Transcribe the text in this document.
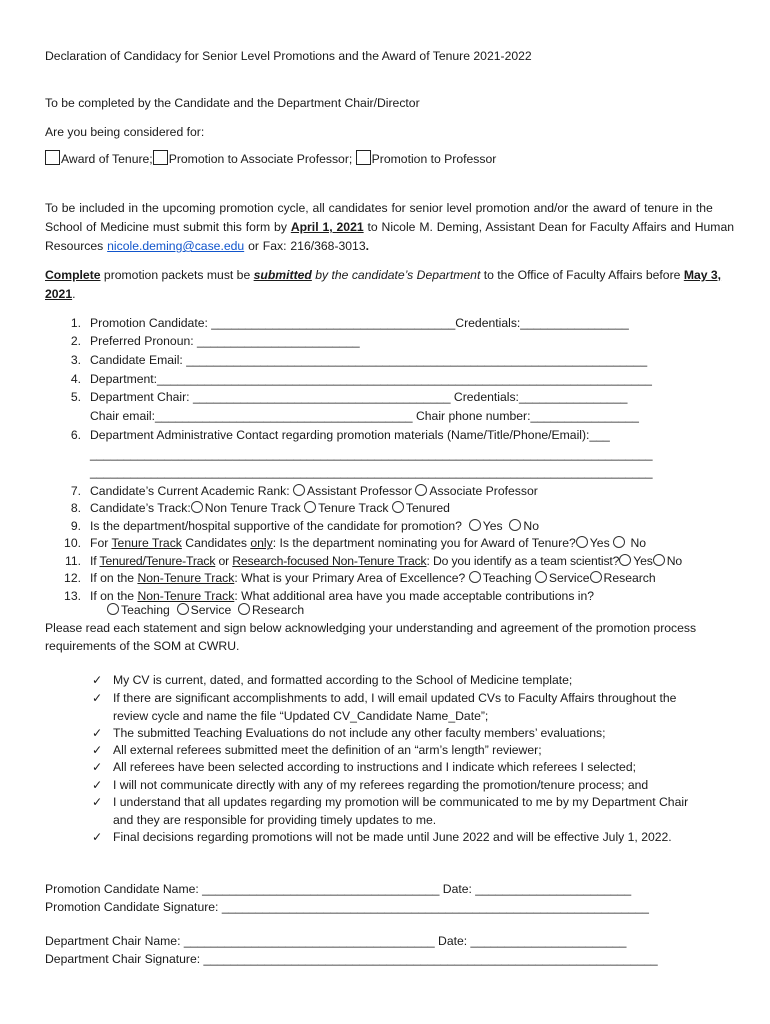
Declaration of Candidacy for Senior Level Promotions and the Award of Tenure 2021-2022
To be completed by the Candidate and the Department Chair/Director
Are you being considered for:
Award of Tenure; Promotion to Associate Professor; Promotion to Professor

To be included in the upcoming promotion cycle, all candidates for senior level promotion and/or the award of tenure in the School of Medicine must submit this form by April 1, 2021 to Nicole M. Deming, Assistant Dean for Faculty Affairs and Human Resources nicole.deming@case.edu or Fax: 216/368-3013.

Complete promotion packets must be submitted by the candidate’s Department to the Office of Faculty Affairs before May 3, 2021.

1. Promotion Candidate: ____________________________________Credentials:________________
2. Preferred Pronoun: ________________________
3. Candidate Email: ____________________________________________________________________
4. Department:_________________________________________________________________________
5. Department Chair: ______________________________________ Credentials:________________
Chair email:______________________________________ Chair phone number:________________
6. Department Administrative Contact regarding promotion materials (Name/Title/Phone/Email):___
___________________________________________________________________________________
___________________________________________________________________________________
7. Candidate’s Current Academic Rank: Assistant Professor Associate Professor
8. Candidate’s Track: Non Tenure Track Tenure Track Tenured
9. Is the department/hospital supportive of the candidate for promotion? Yes No
10. For Tenure Track Candidates only: Is the department nominating you for Award of Tenure? Yes No
11. If Tenured/Tenure-Track or Research-focused Non-Tenure Track: Do you identify as a team scientist? Yes No
12. If on the Non-Tenure Track: What is your Primary Area of Excellence? Teaching Service Research
13. If on the Non-Tenure Track: What additional area have you made acceptable contributions in?
Teaching Service Research
Please read each statement and sign below acknowledging your understanding and agreement of the promotion process
requirements of the SOM at CWRU.
✓ My CV is current, dated, and formatted according to the School of Medicine template;
✓ If there are significant accomplishments to add, I will email updated CVs to Faculty Affairs throughout the
review cycle and name the file “Updated CV_Candidate Name_Date”;
✓ The submitted Teaching Evaluations do not include any other faculty members’ evaluations;
✓ All external referees submitted meet the definition of an “arm’s length” reviewer;
✓ All referees have been selected according to instructions and I indicate which referees I selected;
✓ I will not communicate directly with any of my referees regarding the promotion/tenure process; and
✓ I understand that all updates regarding my promotion will be communicated to me by my Department Chair
and they are responsible for providing timely updates to me.
✓ Final decisions regarding promotions will not be made until June 2022 and will be effective July 1, 2022.
Promotion Candidate Name: ___________________________________ Date: _______________________
Promotion Candidate Signature: _______________________________________________________________
Department Chair Name: _____________________________________ Date: _______________________
Department Chair Signature: ___________________________________________________________________
